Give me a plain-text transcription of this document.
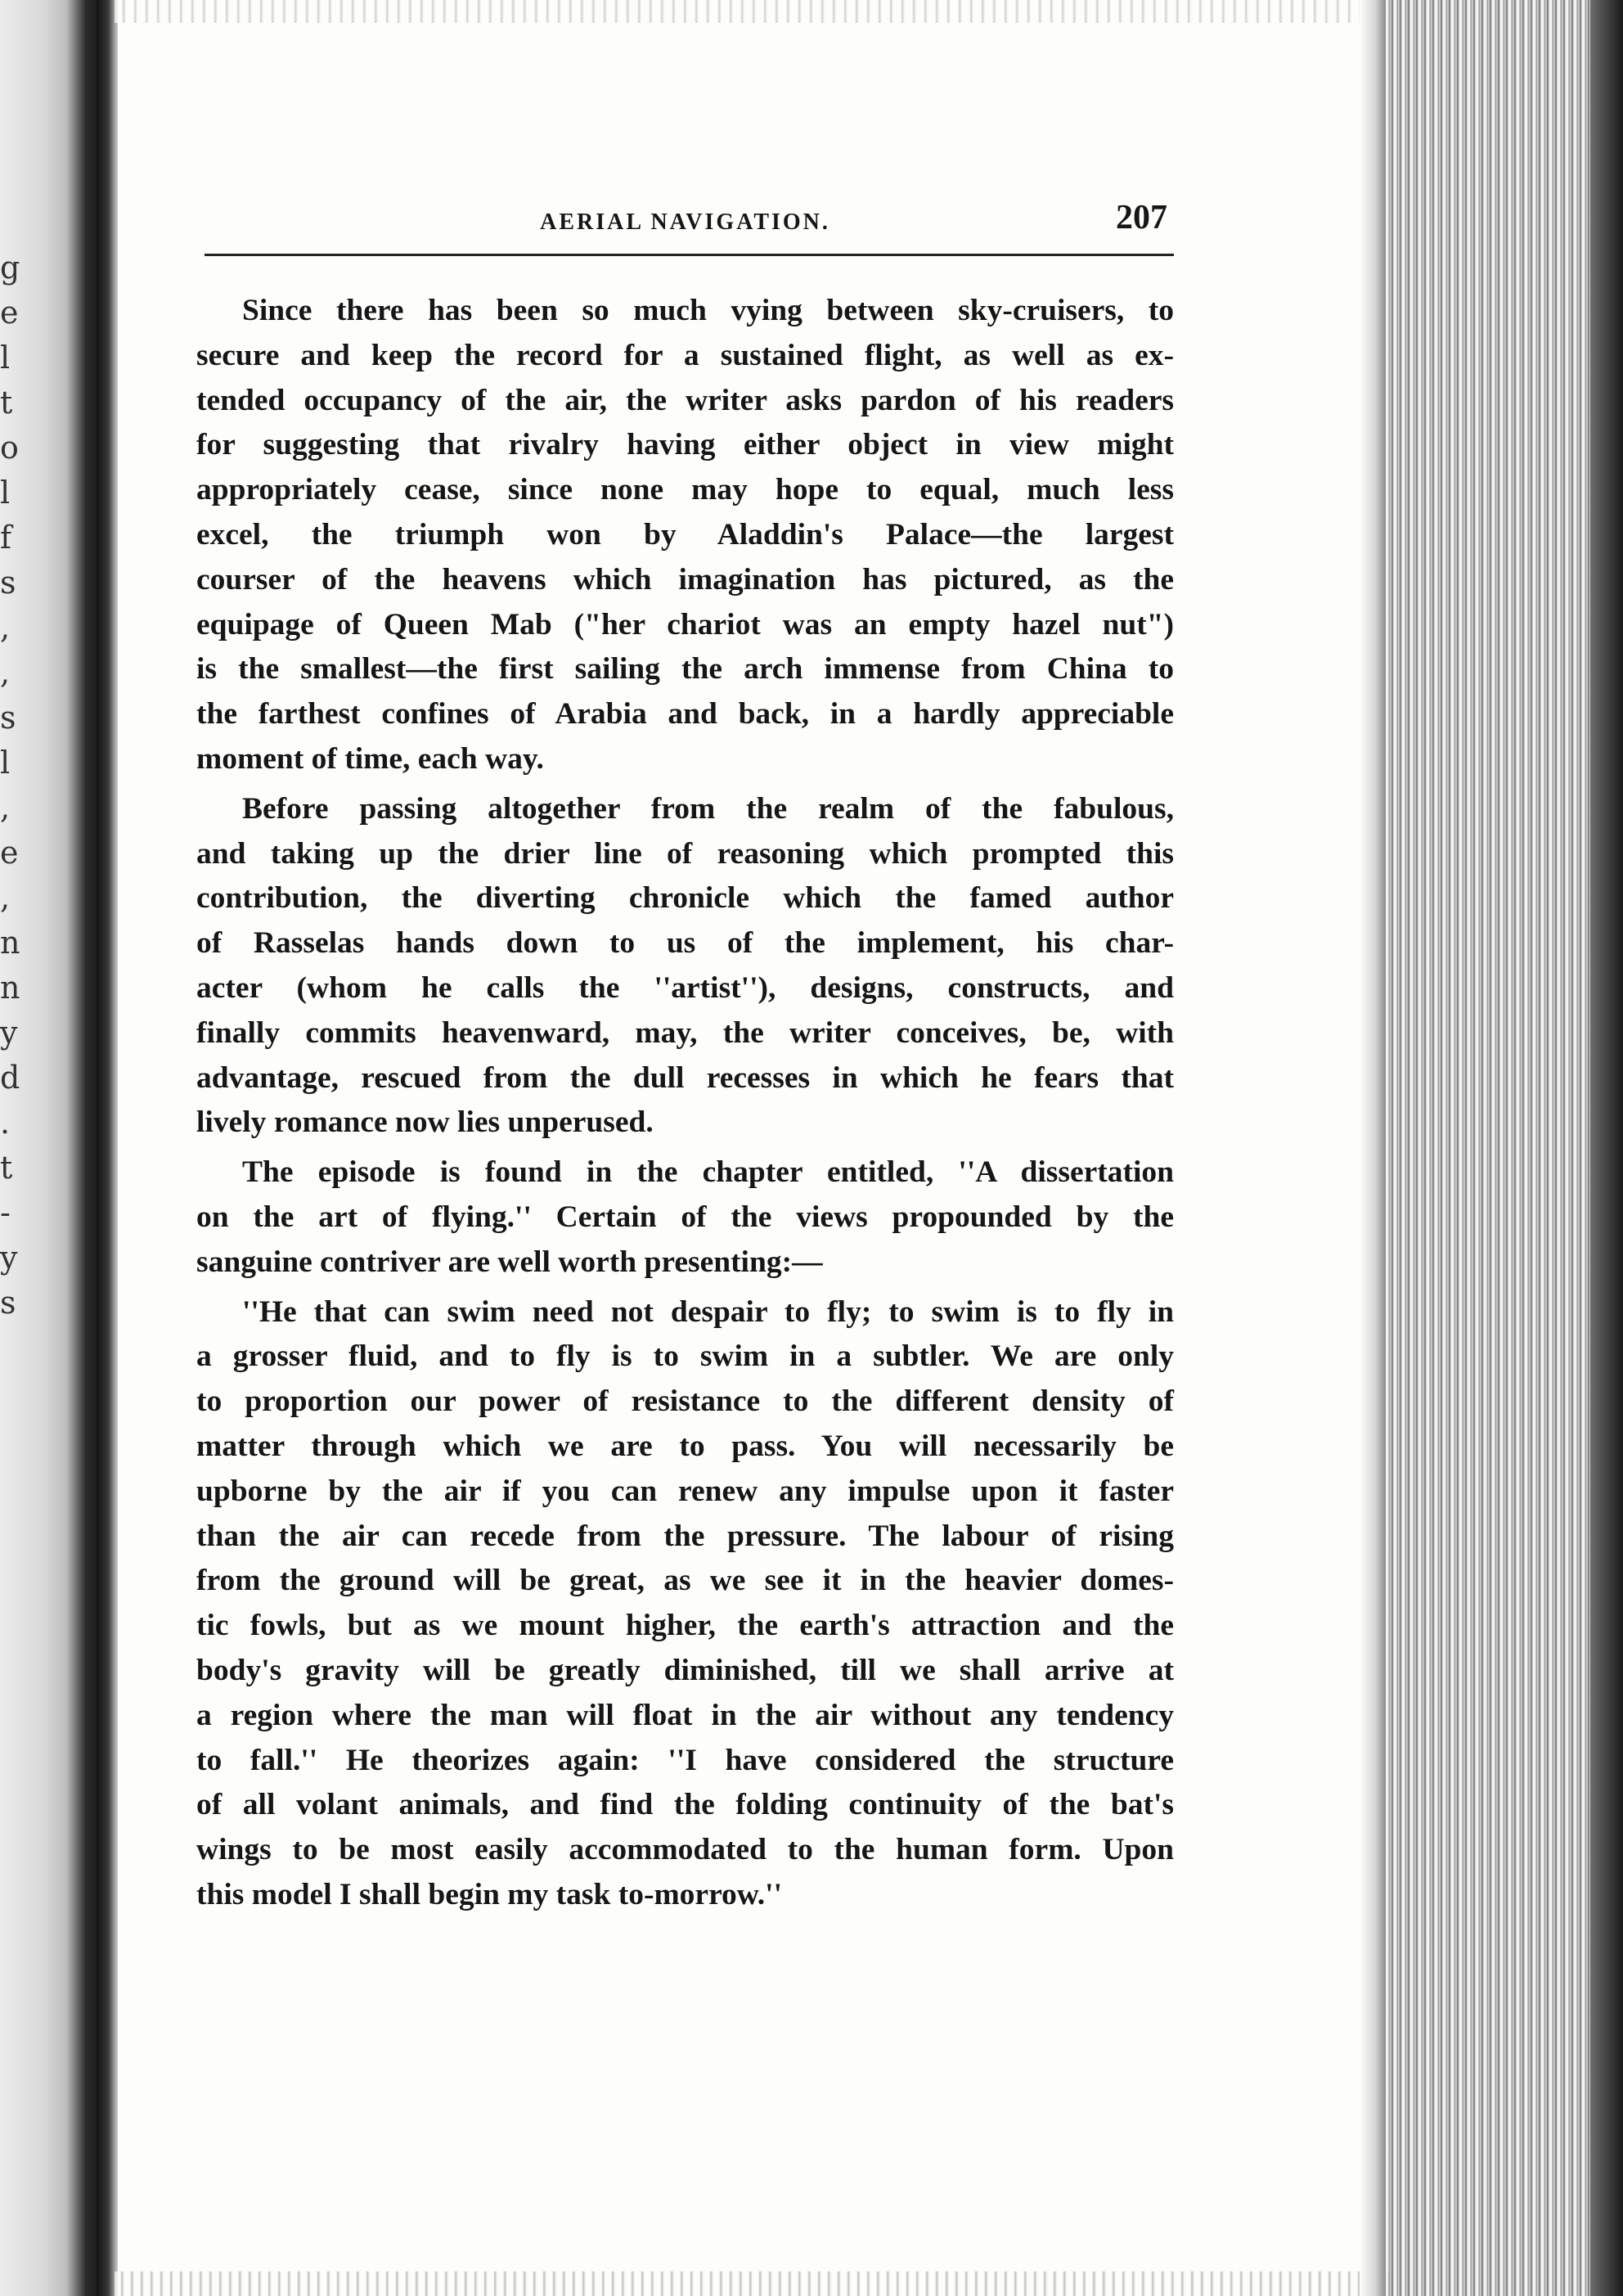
g
e
l
t
o
l
f
s
,
,
s
l
,
e
,
n
n
y
d
.
t
-
y
s
AERIAL NAVIGATION.	207
Since there has been so much vying between sky-cruisers, to
secure and keep the record for a sustained flight, as well as ex-
tended occupancy of the air, the writer asks pardon of his readers
for suggesting that rivalry having either object in view might
appropriately cease, since none may hope to equal, much less
excel, the triumph won by Aladdin's Palace—the largest
courser of the heavens which imagination has pictured, as the
equipage of Queen Mab ("her chariot was an empty hazel nut")
is the smallest—the first sailing the arch immense from China to
the farthest confines of Arabia and back, in a hardly appreciable
moment of time, each way.
Before passing altogether from the realm of the fabulous,
and taking up the drier line of reasoning which prompted this
contribution, the diverting chronicle which the famed author
of Rasselas hands down to us of the implement, his char-
acter (whom he calls the ''artist''), designs, constructs, and
finally commits heavenward, may, the writer conceives, be, with
advantage, rescued from the dull recesses in which he fears that
lively romance now lies unperused.
The episode is found in the chapter entitled, ''A dissertation
on the art of flying.'' Certain of the views propounded by the
sanguine contriver are well worth presenting:—
''He that can swim need not despair to fly; to swim is to fly in
a grosser fluid, and to fly is to swim in a subtler. We are only
to proportion our power of resistance to the different density of
matter through which we are to pass. You will necessarily be
upborne by the air if you can renew any impulse upon it faster
than the air can recede from the pressure. The labour of rising
from the ground will be great, as we see it in the heavier domes-
tic fowls, but as we mount higher, the earth's attraction and the
body's gravity will be greatly diminished, till we shall arrive at
a region where the man will float in the air without any tendency
to fall.'' He theorizes again: ''I have considered the structure
of all volant animals, and find the folding continuity of the bat's
wings to be most easily accommodated to the human form. Upon
this model I shall begin my task to-morrow.''
